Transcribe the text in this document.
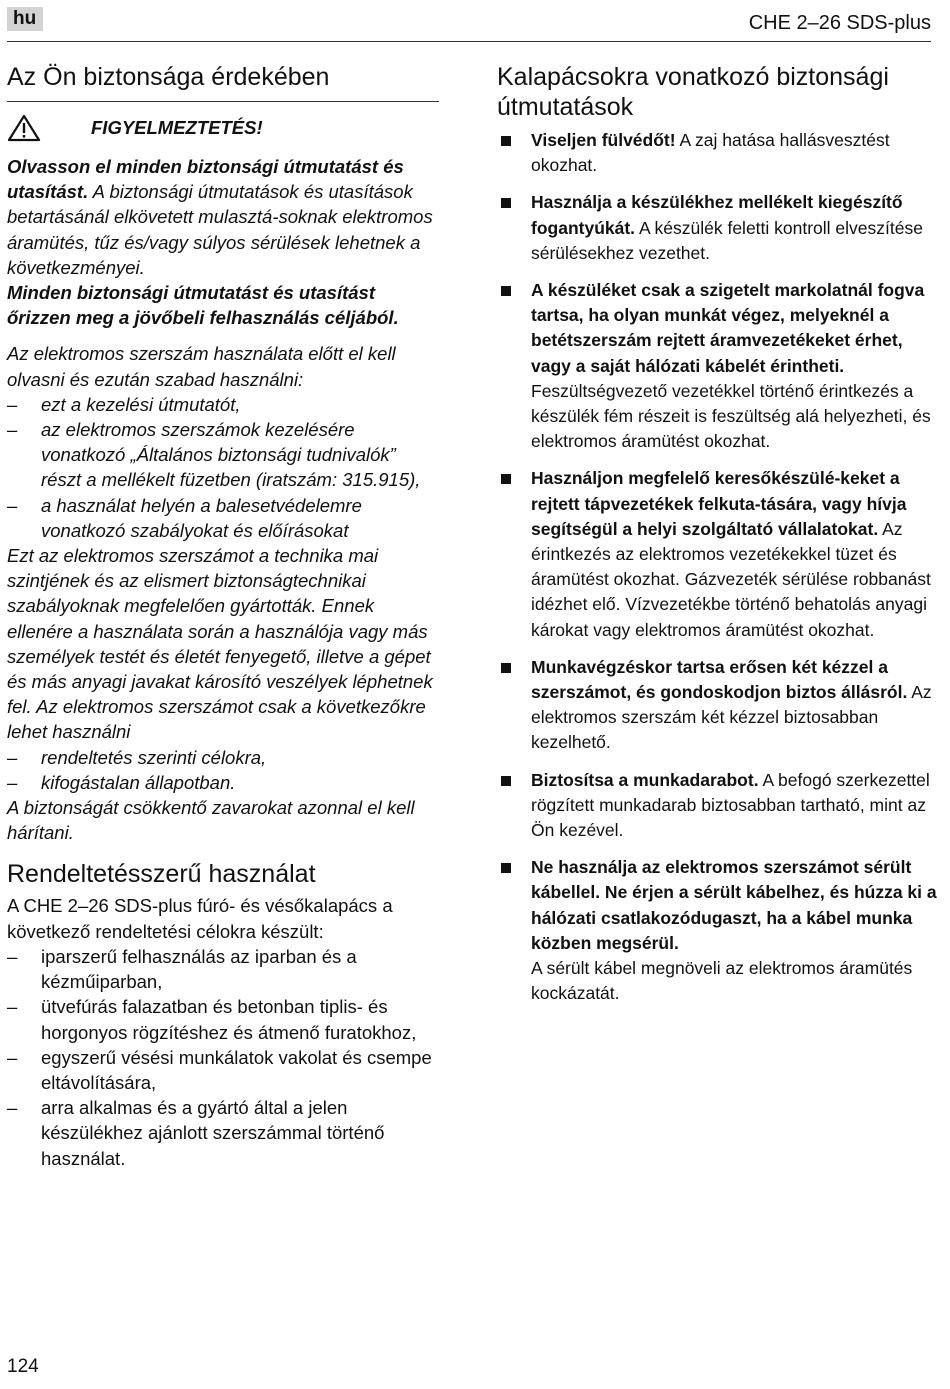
hu	CHE 2–26 SDS-plus
Az Ön biztonsága érdekében
FIGYELMEZTETÉS!

Olvasson el minden biztonsági útmutatást és utasítást. A biztonsági útmutatások és utasítások betartásánál elkövetett mulasztá-soknak elektromos áramütés, tűz és/vagy súlyos sérülések lehetnek a következményei.
Minden biztonsági útmutatást és utasítást őrizzen meg a jövőbeli felhasználás céljából.

Az elektromos szerszám használata előtt el kell olvasni és ezután szabad használni:

– ezt a kezelési útmutatót,
– az elektromos szerszámok kezelésére vonatkozó „Általános biztonsági tudnivalók” részt a mellékelt füzetben (iratszám: 315.915),
– a használat helyén a balesetvédelemre vonatkozó szabályokat és előírásokat

Ezt az elektromos szerszámot a technika mai szintjének és az elismert biztonságtechnikai szabályoknak megfelelően gyártották. Ennek ellenére a használata során a használója vagy más személyek testét és életét fenyegető, illetve a gépet és más anyagi javakat károsító veszélyek léphetnek fel. Az elektromos szerszámot csak a következőkre lehet használni

– rendeltetés szerinti célokra,
– kifogástalan állapotban.

A biztonságát csökkentő zavarokat azonnal el kell hárítani.

Rendeltetésszerű használat

A CHE 2–26 SDS-plus fúró- és vésőkalapács a következő rendeltetési célokra készült:

– iparszerű felhasználás az iparban és a kézműiparban,
– ütvefúrás falazatban és betonban tiplis- és horgonyos rögzítéshez és átmenő furatokhoz,
– egyszerű vésési munkálatok vakolat és csempe eltávolítására,
– arra alkalmas és a gyártó által a jelen készülékhez ajánlott szerszámmal történő használat.
Kalapácsokra vonatkozó biztonsági útmutatások
Viseljen fülvédőt! A zaj hatása hallásvesztést okozhat.
Használja a készülékhez mellékelt kiegészítő fogantyúkát. A készülék feletti kontroll elveszítése sérülésekhez vezethet.
A készüléket csak a szigetelt markolatnál fogva tartsa, ha olyan munkát végez, melyeknél a betétszerszám rejtett áramvezetékeket érhet, vagy a saját hálózati kábelét érintheti. Feszültségvezető vezetékkel történő érintkezés a készülék fém részeit is feszültség alá helyezheti, és elektromos áramütést okozhat.
Használjon megfelelő keresőkészülé-keket a rejtett tápvezetékek felkuta-tására, vagy hívja segítségül a helyi szolgáltató vállalatokat. Az érintkezés az elektromos vezetékekkel tüzet és áramütést okozhat. Gázvezeték sérülése robbanást idézhet elő. Vízvezetékbe történő behatolás anyagi károkat vagy elektromos áramütést okozhat.
Munkavégzéskor tartsa erősen két kézzel a szerszámot, és gondoskodjon biztos állásról. Az elektromos szerszám két kézzel biztosabban kezelhető.
Biztosítsa a munkadarabot. A befogó szerkezettel rögzített munkadarab biztosabban tartható, mint az Ön kezével.
Ne használja az elektromos szerszámot sérült kábellel. Ne érjen a sérült kábelhez, és húzza ki a hálózati csatlakozódugaszt, ha a kábel munka közben megsérül.
A sérült kábel megnöveli az elektromos áramütés kockázatát.
124
